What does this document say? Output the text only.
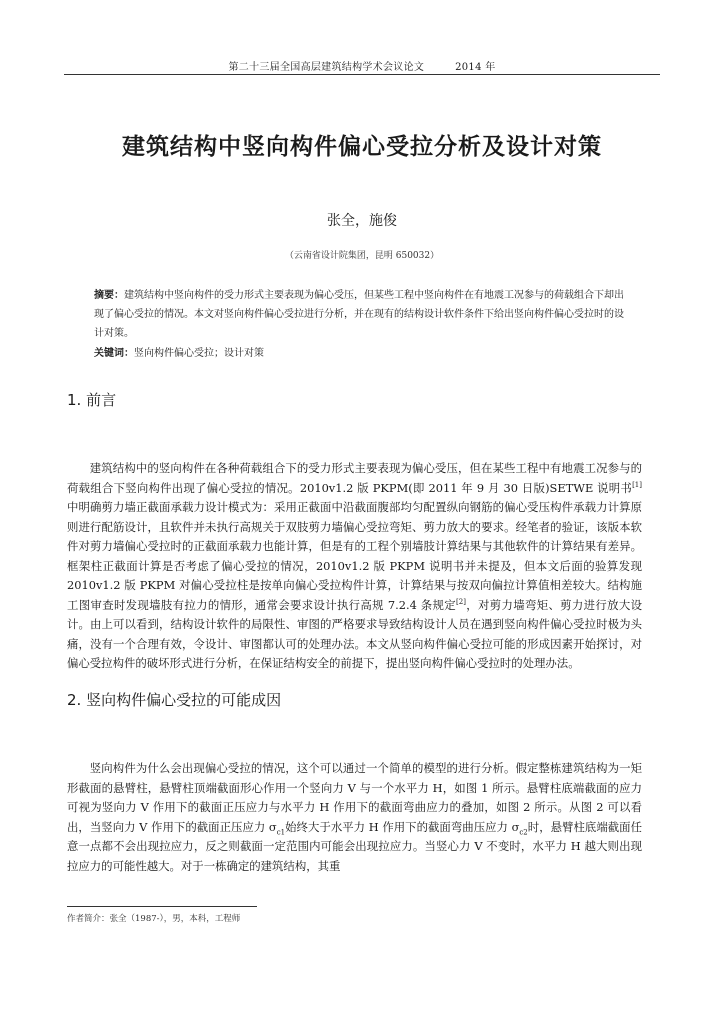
第二十三届全国高层建筑结构学术会议论文　　　2014 年
建筑结构中竖向构件偏心受拉分析及设计对策
张全，施俊
（云南省设计院集团，昆明 650032）
摘要：建筑结构中竖向构件的受力形式主要表现为偏心受压，但某些工程中竖向构件在有地震工况参与的荷载组合下却出现了偏心受拉的情况。本文对竖向构件偏心受拉进行分析，并在现有的结构设计软件条件下给出竖向构件偏心受拉时的设计对策。
关键词：竖向构件偏心受拉；设计对策
1. 前言
建筑结构中的竖向构件在各种荷载组合下的受力形式主要表现为偏心受压，但在某些工程中有地震工况参与的荷载组合下竖向构件出现了偏心受拉的情况。2010v1.2 版 PKPM(即 2011 年 9 月 30 日版)SETWE 说明书[1]中明确剪力墙正截面承载力设计模式为：采用正截面中沿截面腹部均匀配置纵向钢筋的偏心受压构件承载力计算原则进行配筋设计，且软件并未执行高规关于双肢剪力墙偏心受拉弯矩、剪力放大的要求。经笔者的验证，该版本软件对剪力墙偏心受拉时的正截面承载力也能计算，但是有的工程个别墙肢计算结果与其他软件的计算结果有差异。框架柱正截面计算是否考虑了偏心受拉的情况，2010v1.2 版 PKPM 说明书并未提及，但本文后面的验算发现 2010v1.2 版 PKPM 对偏心受拉柱是按单向偏心受拉构件计算，计算结果与按双向偏拉计算值相差较大。结构施工图审查时发现墙肢有拉力的情形，通常会要求设计执行高规 7.2.4 条规定[2]，对剪力墙弯矩、剪力进行放大设计。由上可以看到，结构设计软件的局限性、审图的严格要求导致结构设计人员在遇到竖向构件偏心受拉时极为头痛，没有一个合理有效，令设计、审图都认可的处理办法。本文从竖向构件偏心受拉可能的形成因素开始探讨，对偏心受拉构件的破坏形式进行分析，在保证结构安全的前提下，提出竖向构件偏心受拉时的处理办法。
2. 竖向构件偏心受拉的可能成因
竖向构件为什么会出现偏心受拉的情况，这个可以通过一个简单的模型的进行分析。假定整栋建筑结构为一矩形截面的悬臂柱，悬臂柱顶端截面形心作用一个竖向力 V 与一个水平力 H，如图 1 所示。悬臂柱底端截面的应力可视为竖向力 V 作用下的截面正压应力与水平力 H 作用下的截面弯曲应力的叠加，如图 2 所示。从图 2 可以看出，当竖向力 V 作用下的截面正压应力 $\sigma_{c1}$始终大于水平力 H 作用下的截面弯曲压应力 $\sigma_{c2}$时，悬臂柱底端截面任意一点都不会出现拉应力，反之则截面一定范围内可能会出现拉应力。当竖心力 V 不变时，水平力 H 越大则出现拉应力的可能性越大。对于一栋确定的建筑结构，其重
作者简介：张全（1987-），男，本科，工程师
